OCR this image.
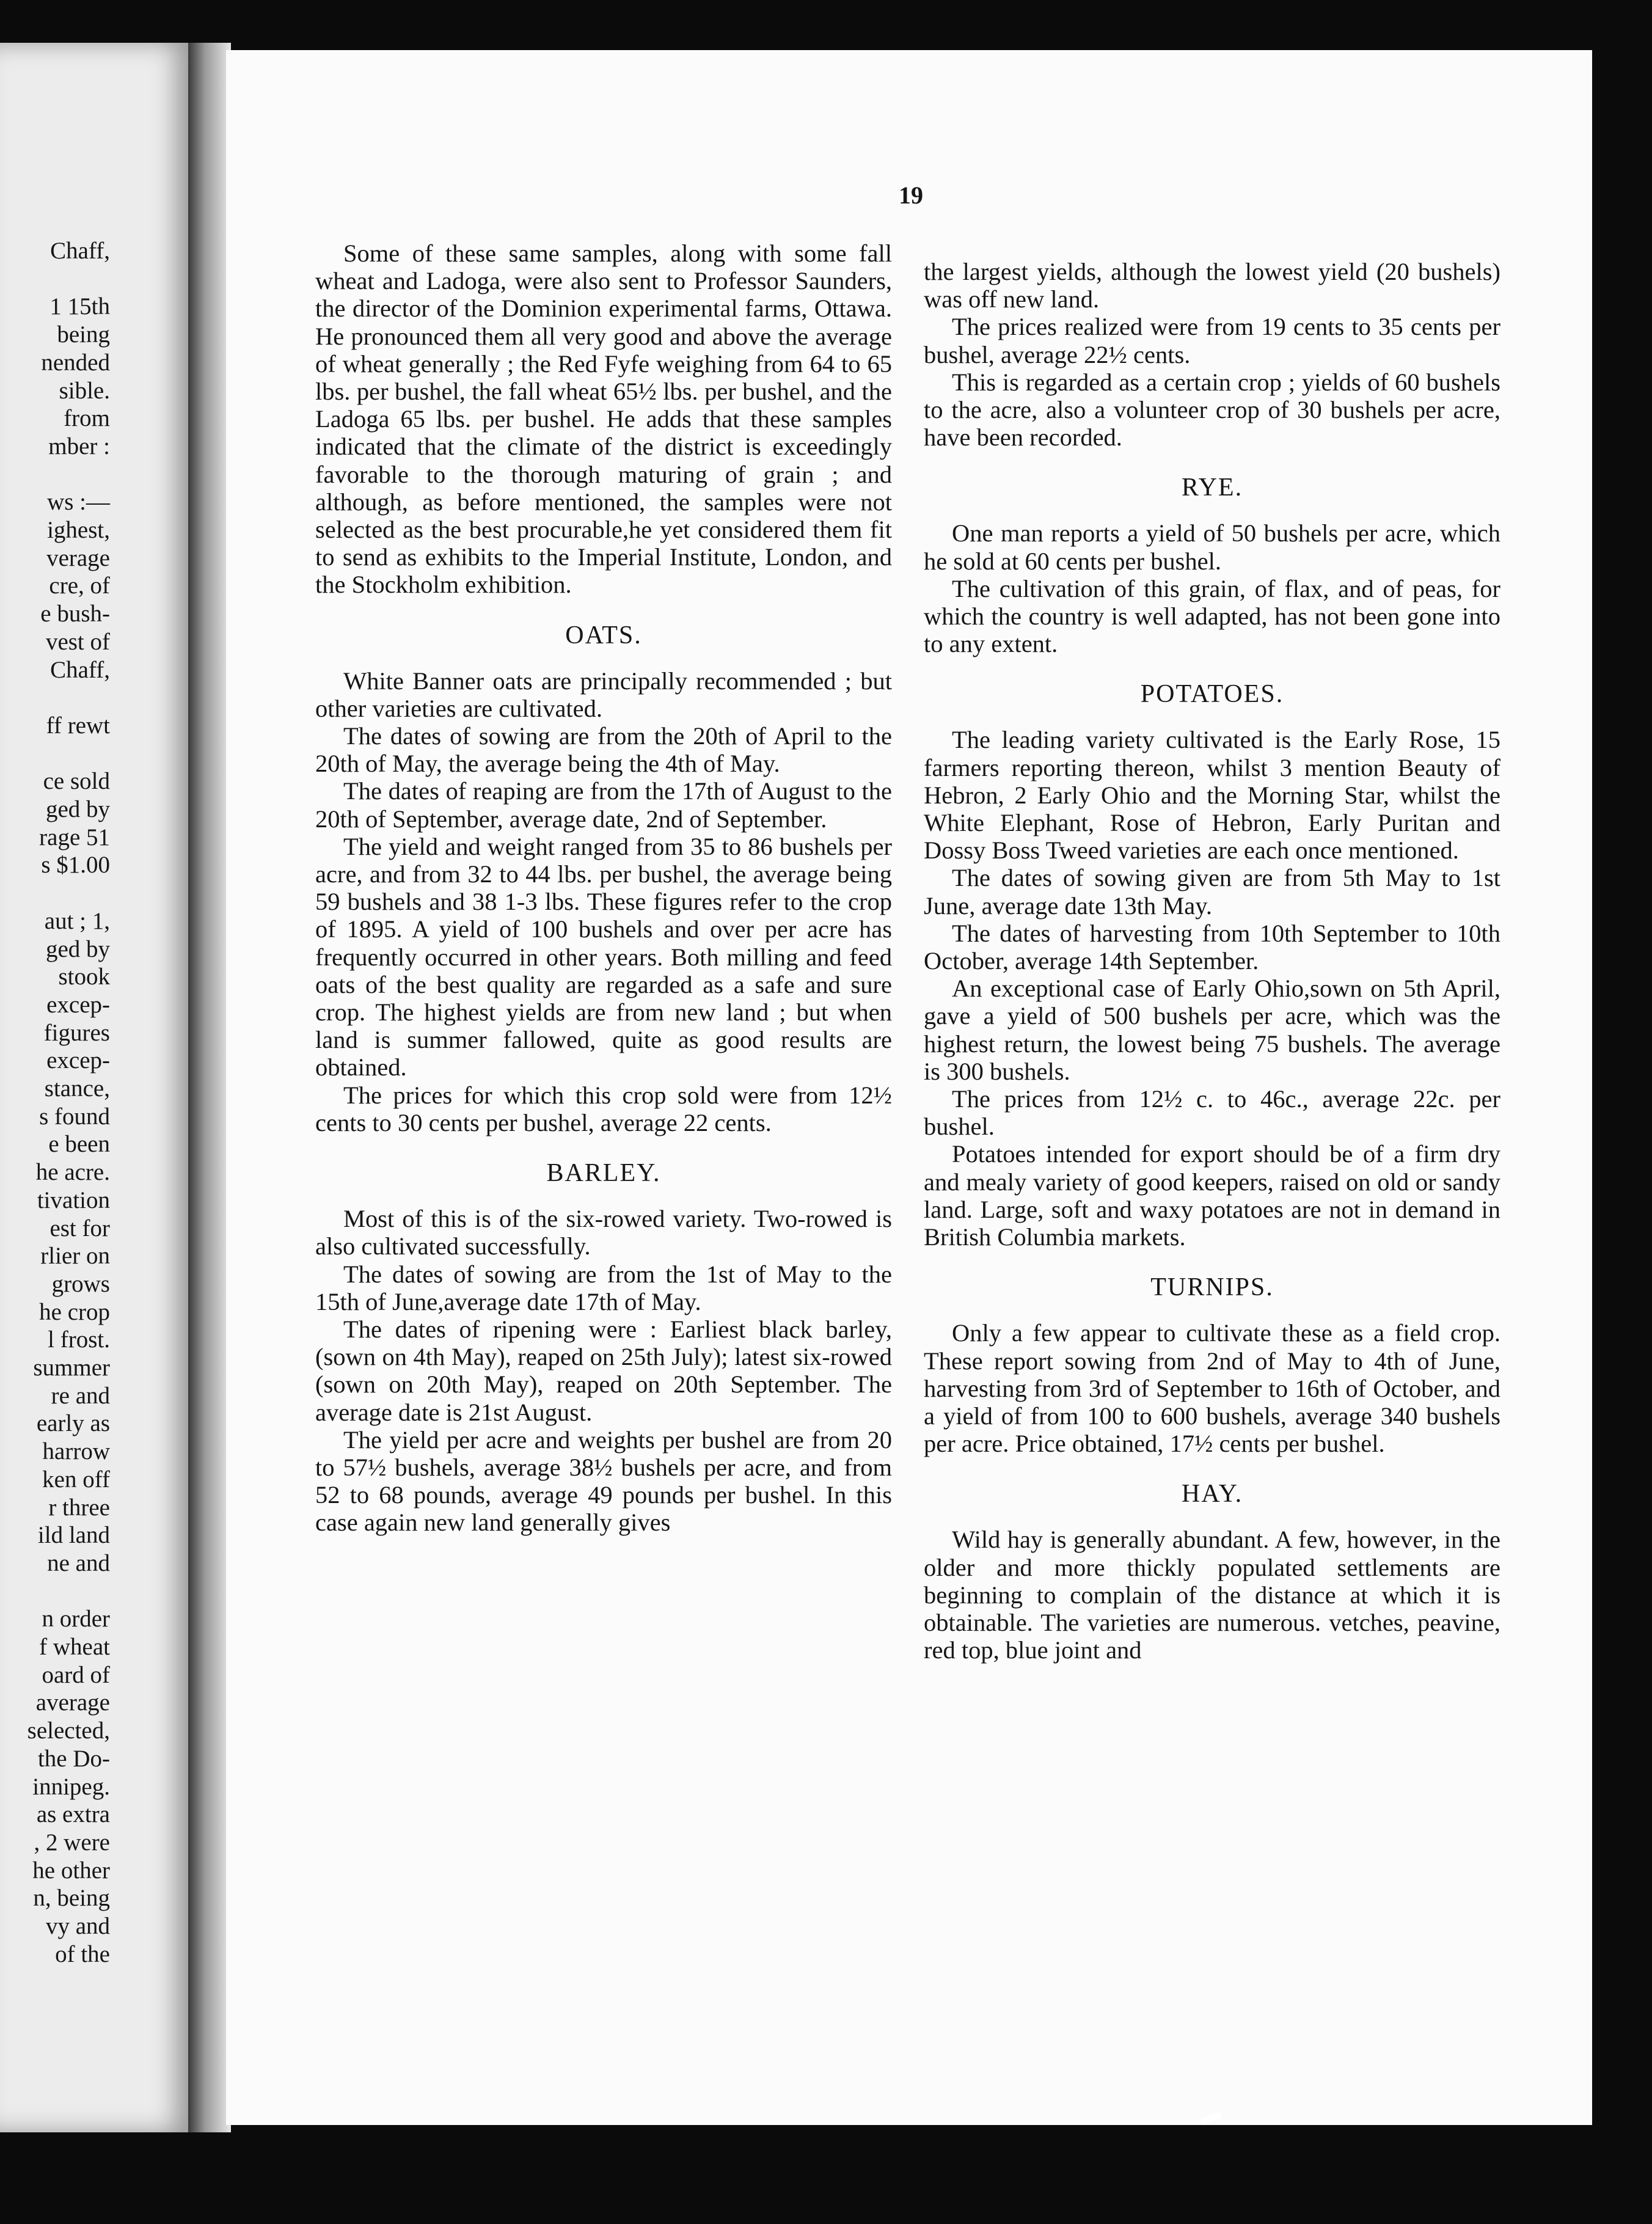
Chaff,
1 15th
being
nended
sible.
from
mber :
ws :—
ighest,
verage
cre, of
e bush-
vest of
Chaff,
ff rewt
ce sold
ged by
rage 51
s $1.00
aut ; 1,
ged by
stook
excep-
figures
excep-
stance,
s found
e been
he acre.
tivation
est for
rlier on
grows
he crop
l frost.
summer
re and
early as
harrow
ken off
r three
ild land
ne and
n order
f wheat
oard of
average
selected,
the Do-
innipeg.
as extra
, 2 were
he other
n, being
vy and
of the
19

Some of these same samples, along with some fall wheat and Ladoga, were also sent to Professor Saunders, the director of the Dominion experimental farms, Ottawa. He pronounced them all very good and above the average of wheat generally ; the Red Fyfe weighing from 64 to 65 lbs. per bushel, the fall wheat 65½ lbs. per bushel, and the Ladoga 65 lbs. per bushel. He adds that these samples indicated that the climate of the district is exceedingly favorable to the thorough maturing of grain ; and although, as before mentioned, the samples were not selected as the best procurable,he yet considered them fit to send as exhibits to the Imperial Institute, London, and the Stockholm exhibition.

OATS.

White Banner oats are principally recommended ; but other varieties are cultivated.

The dates of sowing are from the 20th of April to the 20th of May, the average being the 4th of May.

The dates of reaping are from the 17th of August to the 20th of September, average date, 2nd of September.

The yield and weight ranged from 35 to 86 bushels per acre, and from 32 to 44 lbs. per bushel, the average being 59 bushels and 38 1-3 lbs. These figures refer to the crop of 1895. A yield of 100 bushels and over per acre has frequently occurred in other years. Both milling and feed oats of the best quality are regarded as a safe and sure crop. The highest yields are from new land ; but when land is summer fallowed, quite as good results are obtained.

The prices for which this crop sold were from 12½ cents to 30 cents per bushel, average 22 cents.

BARLEY.

Most of this is of the six-rowed variety. Two-rowed is also cultivated successfully.

The dates of sowing are from the 1st of May to the 15th of June,average date 17th of May.

The dates of ripening were : Earliest black barley, (sown on 4th May), reaped on 25th July); latest six-rowed (sown on 20th May), reaped on 20th September. The average date is 21st August.

The yield per acre and weights per bushel are from 20 to 57½ bushels, average 38½ bushels per acre, and from 52 to 68 pounds, average 49 pounds per bushel. In this case again new land generally gives

the largest yields, although the lowest yield (20 bushels) was off new land.

The prices realized were from 19 cents to 35 cents per bushel, average 22½ cents.

This is regarded as a certain crop ; yields of 60 bushels to the acre, also a volunteer crop of 30 bushels per acre, have been recorded.

RYE.

One man reports a yield of 50 bushels per acre, which he sold at 60 cents per bushel.

The cultivation of this grain, of flax, and of peas, for which the country is well adapted, has not been gone into to any extent.

POTATOES.

The leading variety cultivated is the Early Rose, 15 farmers reporting thereon, whilst 3 mention Beauty of Hebron, 2 Early Ohio and the Morning Star, whilst the White Elephant, Rose of Hebron, Early Puritan and Dossy Boss Tweed varieties are each once mentioned.

The dates of sowing given are from 5th May to 1st June, average date 13th May.

The dates of harvesting from 10th September to 10th October, average 14th September.

An exceptional case of Early Ohio,sown on 5th April, gave a yield of 500 bushels per acre, which was the highest return, the lowest being 75 bushels. The average is 300 bushels.

The prices from 12½ c. to 46c., average 22c. per bushel.

Potatoes intended for export should be of a firm dry and mealy variety of good keepers, raised on old or sandy land. Large, soft and waxy potatoes are not in demand in British Columbia markets.

TURNIPS.

Only a few appear to cultivate these as a field crop. These report sowing from 2nd of May to 4th of June, harvesting from 3rd of September to 16th of October, and a yield of from 100 to 600 bushels, average 340 bushels per acre. Price obtained, 17½ cents per bushel.

HAY.

Wild hay is generally abundant. A few, however, in the older and more thickly populated settlements are beginning to complain of the distance at which it is obtainable. The varieties are numerous. vetches, peavine, red top, blue joint and
